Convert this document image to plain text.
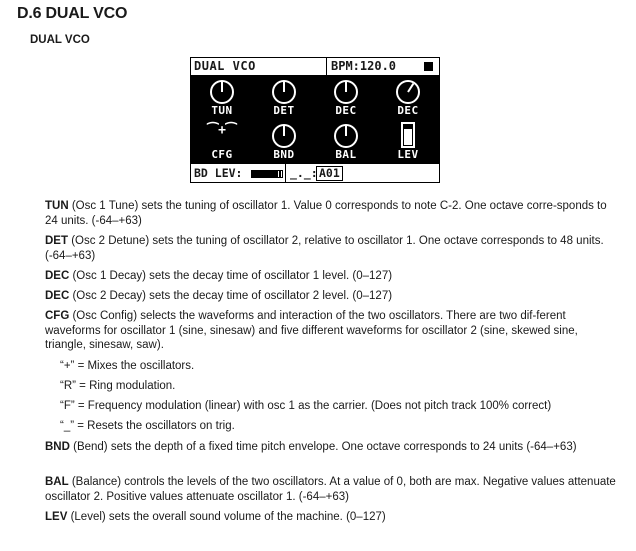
D.6 DUAL VCO
DUAL VCO
DUAL VCO	BPM:120.0
TUN	DET	DEC	DEC
⁀+⁀
CFG	BND	BAL	LEV
BD LEV:	_._: A01
TUN (Osc 1 Tune) sets the tuning of oscillator 1. Value 0 corresponds to note C-2. One octave corre-sponds to 24 units. (-64–+63)
DET (Osc 2 Detune) sets the tuning of oscillator 2, relative to oscillator 1. One octave corresponds to 48 units. (-64–+63)
DEC (Osc 1 Decay) sets the decay time of oscillator 1 level. (0–127)
DEC (Osc 2 Decay) sets the decay time of oscillator 2 level. (0–127)
CFG (Osc Config) selects the waveforms and interaction of the two oscillators. There are two dif-ferent waveforms for oscillator 1 (sine, sinesaw) and five different waveforms for oscillator 2 (sine, skewed sine, triangle, sinesaw, saw).
“+” = Mixes the oscillators.
“R” = Ring modulation.
“F” = Frequency modulation (linear) with osc 1 as the carrier. (Does not pitch track 100% correct)
“_” = Resets the oscillators on trig.
BND (Bend) sets the depth of a fixed time pitch envelope. One octave corresponds to 24 units (-64–+63)
BAL (Balance) controls the levels of the two oscillators. At a value of 0, both are max. Negative values attenuate oscillator 2. Positive values attenuate oscillator 1. (-64–+63)
LEV (Level) sets the overall sound volume of the machine. (0–127)
